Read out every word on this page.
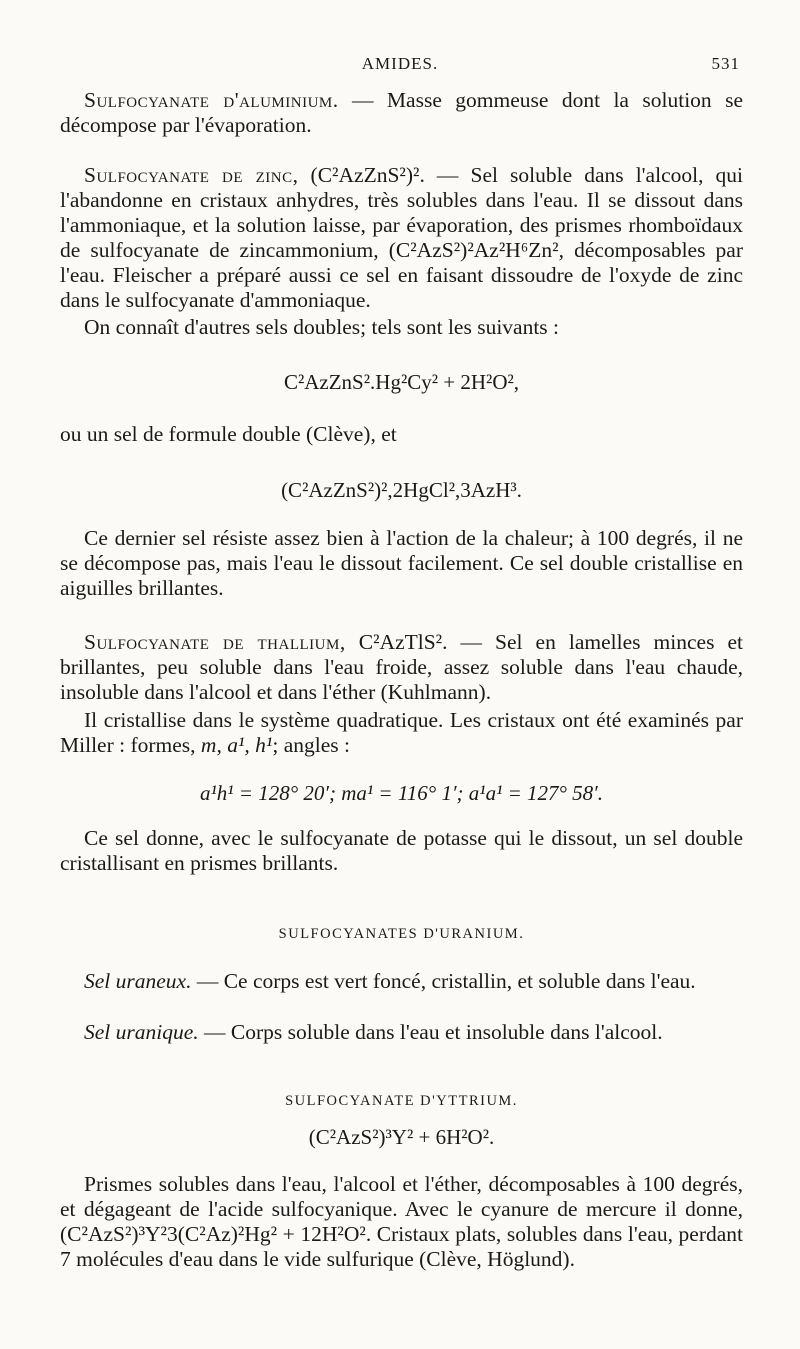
AMIDES.	531
Sulfocyanate d'aluminium. — Masse gommeuse dont la solution se décompose par l'évaporation.
Sulfocyanate de zinc, (C²AzZnS²)². — Sel soluble dans l'alcool, qui l'abandonne en cristaux anhydres, très solubles dans l'eau. Il se dissout dans l'ammoniaque, et la solution laisse, par évaporation, des prismes rhomboïdaux de sulfocyanate de zincammonium, (C²AzS²)²Az²H⁶Zn², décomposables par l'eau. Fleischer a préparé aussi ce sel en faisant dissoudre de l'oxyde de zinc dans le sulfocyanate d'ammoniaque.
On connaît d'autres sels doubles; tels sont les suivants :
C²AzZnS².Hg²Cy² + 2H²O²,
ou un sel de formule double (Clève), et
(C²AzZnS²)²,2HgCl²,3AzH³.
Ce dernier sel résiste assez bien à l'action de la chaleur; à 100 degrés, il ne se décompose pas, mais l'eau le dissout facilement. Ce sel double cristallise en aiguilles brillantes.
Sulfocyanate de thallium, C²AzTlS². — Sel en lamelles minces et brillantes, peu soluble dans l'eau froide, assez soluble dans l'eau chaude, insoluble dans l'alcool et dans l'éther (Kuhlmann).
Il cristallise dans le système quadratique. Les cristaux ont été examinés par Miller : formes, m, a¹, h¹; angles :
a¹h¹ = 128° 20′; ma¹ = 116° 1′; a¹a¹ = 127° 58′.
Ce sel donne, avec le sulfocyanate de potasse qui le dissout, un sel double cristallisant en prismes brillants.
SULFOCYANATES D'URANIUM.
Sel uraneux. — Ce corps est vert foncé, cristallin, et soluble dans l'eau.
Sel uranique. — Corps soluble dans l'eau et insoluble dans l'alcool.
SULFOCYANATE D'YTTRIUM.
(C²AzS²)³Y² + 6H²O².
Prismes solubles dans l'eau, l'alcool et l'éther, décomposables à 100 degrés, et dégageant de l'acide sulfocyanique. Avec le cyanure de mercure il donne, (C²AzS²)³Y²3(C²Az)²Hg² + 12H²O². Cristaux plats, solubles dans l'eau, perdant 7 molécules d'eau dans le vide sulfurique (Clève, Höglund).
